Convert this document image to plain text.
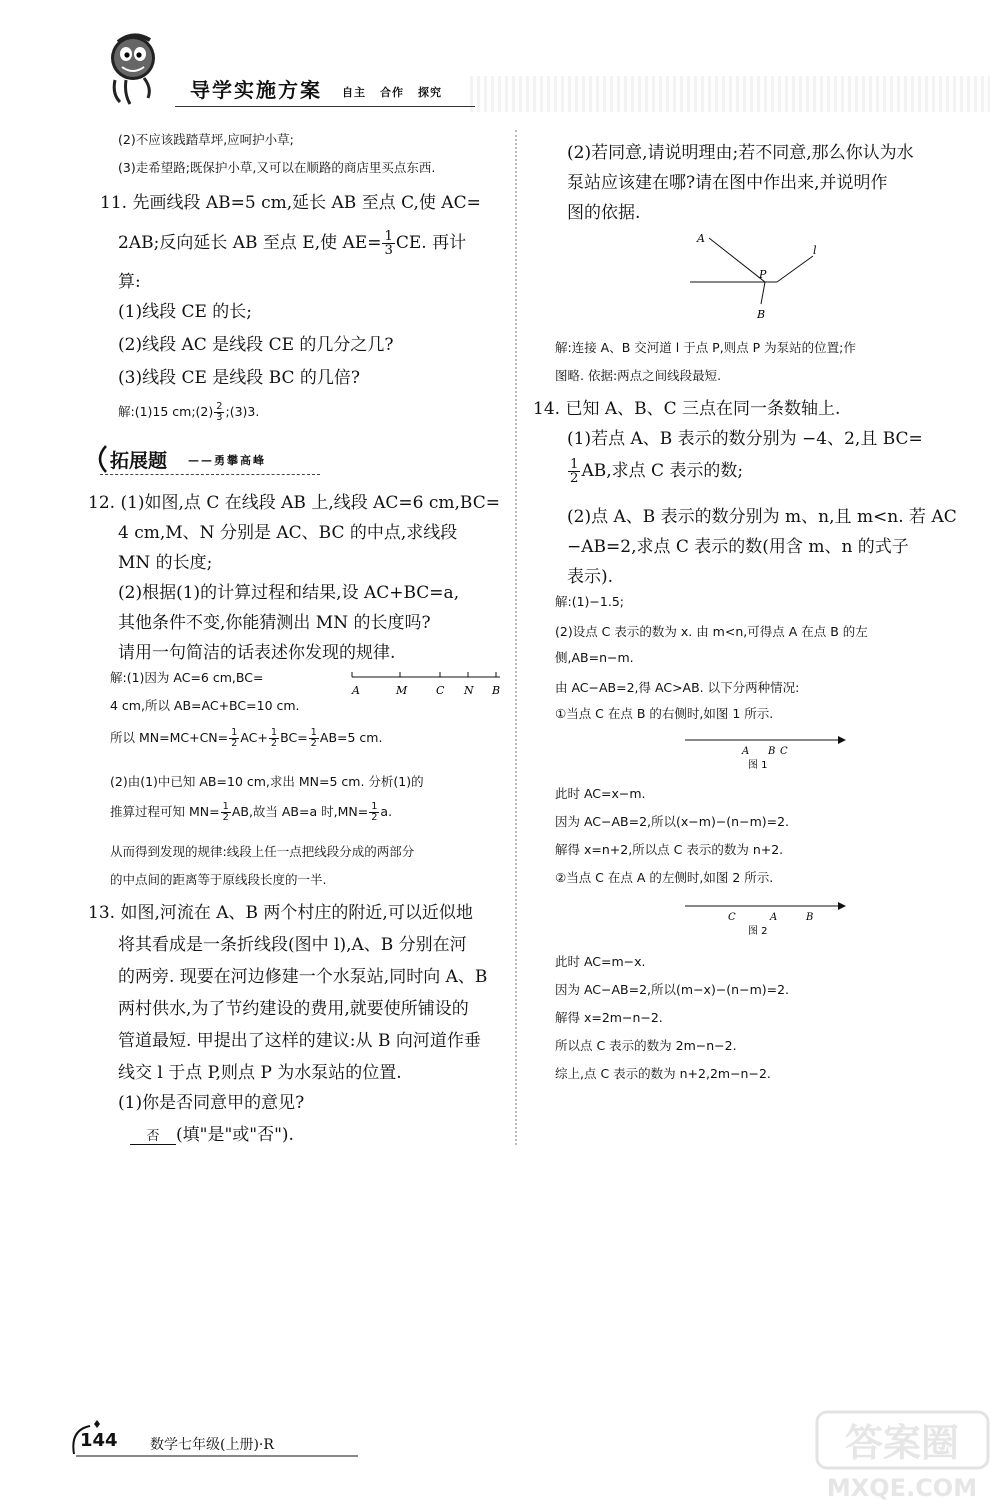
导学实施方案 自主 合作 探究
(2)不应该践踏草坪,应呵护小草;
(3)走希望路;既保护小草,又可以在顺路的商店里买点东西.
11. 先画线段 AB=5 cm,延长 AB 至点 C,使 AC=
2AB;反向延长 AB 至点 E,使 $AE= \frac{1}{3}$ CE. 再计
算:
(1)线段 CE 的长;
(2)线段 AC 是线段 CE 的几分之几?
(3)线段 CE 是线段 BC 的几倍?
解:(1)15 cm;(2) $\frac{2}{3}$ ;(3)3.
拓展题 ——勇攀高峰
12. (1)如图,点 C 在线段 AB 上,线段 AC=6 cm,BC=
4 cm,M、N 分别是 AC、BC 的中点,求线段
MN 的长度;
(2)根据(1)的计算过程和结果,设 AC+BC=a,
其他条件不变,你能猜测出 MN 的长度吗?
请用一句简洁的话表述你发现的规律.
解:(1)因为 AC=6 cm,BC=
A	M	C N B
4 cm,所以 AB=AC+BC=10 cm.
所以 $MN=MC+CN= \frac{1}{2} AC+ \frac{1}{2} BC= \frac{1}{2} AB=5$ cm.
(2)由(1)中已知 AB=10 cm,求出 MN=5 cm. 分析(1)的
推算过程可知 $MN= \frac{1}{2}$ AB,故当 AB=a 时$,MN= \frac{1}{2} a$.
从而得到发现的规律:线段上任一点把线段分成的两部分
的中点间的距离等于原线段长度的一半.
13. 如图,河流在 A、B 两个村庄的附近,可以近似地
将其看成是一条折线段(图中 l),A、B 分别在河
的两旁. 现要在河边修建一个水泵站,同时向 A、B
两村供水,为了节约建设的费用,就要使所铺设的
管道最短. 甲提出了这样的建议:从 B 向河道作垂
线交 l 于点 P,则点 P 为水泵站的位置.
(1)你是否同意甲的意见?
否 (填"是"或"否").
(2)若同意,请说明理由;若不同意,那么你认为水
泵站应该建在哪?请在图中作出来,并说明作
图的依据.
A
P
l
B
解:连接 A、B 交河道 l 于点 P,则点 P 为泵站的位置;作
图略. 依据:两点之间线段最短.
14. 已知 A、B、C 三点在同一条数轴上.
(1)若点 A、B 表示的数分别为 −4、2,且 BC=
$\frac{1}{2}$ AB,求点 C 表示的数;
(2)点 A、B 表示的数分别为 m、n,且 m<n. 若 AC
−AB=2,求点 C 表示的数(用含 m、n 的式子
表示).
解:(1)−1.5;
(2)设点 C 表示的数为 x. 由 m<n,可得点 A 在点 B 的左
侧,AB=n−m.
由 AC−AB=2,得 AC>AB. 以下分两种情况:
①当点 C 在点 B 的右侧时,如图 1 所示.
A B C
图 1
此时 AC=x−m.
因为 AC−AB=2,所以(x−m)−(n−m)=2.
解得 x=n+2,所以点 C 表示的数为 n+2.
②当点 C 在点 A 的左侧时,如图 2 所示.
C	A	B
图 2
此时 AC=m−x.
因为 AC−AB=2,所以(m−x)−(n−m)=2.
解得 x=2m−n−2.
所以点 C 表示的数为 2m−n−2.
综上,点 C 表示的数为 n+2,2m−n−2.
144 数学七年级(上册)·R	答案圈
MXQE.COM
